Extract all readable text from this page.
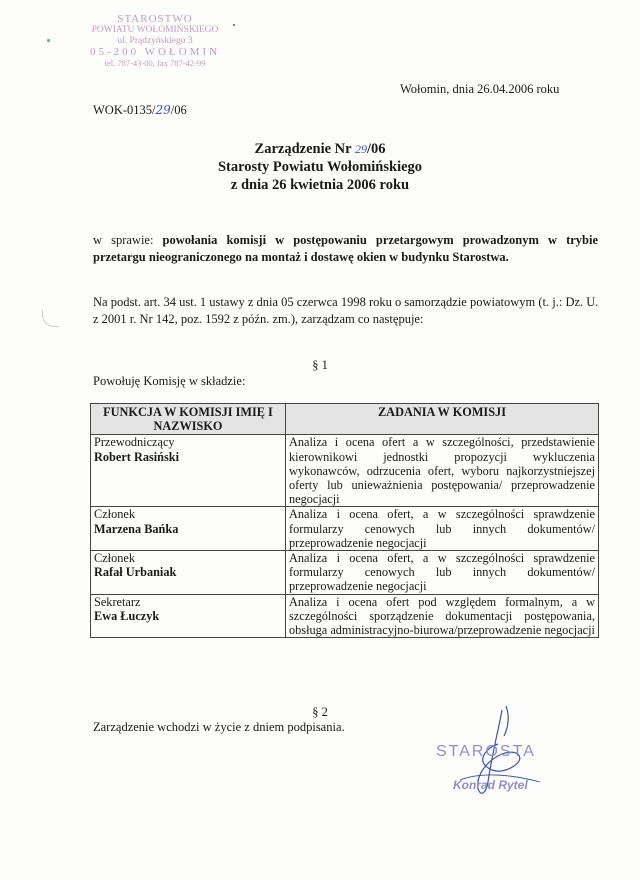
STAROSTWO
POWIATU WOŁOMIŃSKIEGO
ul. Prądzyńskiego 3
05-200 WOŁOMIN
tel. 787-43-00, fax 787-42-99
Wołomin, dnia 26.04.2006 roku
WOK-0135/29/06
Zarządzenie Nr 29/06
Starosty Powiatu Wołomińskiego
z dnia 26 kwietnia 2006 roku
w sprawie: powołania komisji w postępowaniu przetargowym prowadzonym w trybie przetargu nieograniczonego na montaż i dostawę okien w budynku Starostwa.
Na podst. art. 34 ust. 1 ustawy z dnia 05 czerwca 1998 roku o samorządzie powiatowym (t. j.: Dz. U. z 2001 r. Nr 142, poz. 1592 z późn. zm.), zarządzam co następuje:
§ 1
Powołuję Komisję w składzie:
FUNKCJA W KOMISJI IMIĘ I NAZWISKO	ZADANIA W KOMISJI

Przewodniczący
Robert Rasiński	Analiza i ocena ofert a w szczególności, przedstawienie kierownikowi jednostki propozycji wykluczenia wykonawców, odrzucenia ofert, wyboru najkorzystniejszej oferty lub unieważnienia postępowania/ przeprowadzenie negocjacji

Członek
Marzena Bańka	Analiza i ocena ofert, a w szczególności sprawdzenie formularzy cenowych lub innych dokumentów/ przeprowadzenie negocjacji

Członek
Rafał Urbaniak	Analiza i ocena ofert, a w szczególności sprawdzenie formularzy cenowych lub innych dokumentów/ przeprowadzenie negocjacji

Sekretarz
Ewa Łuczyk	Analiza i ocena ofert pod względem formalnym, a w szczególności sporządzenie dokumentacji postępowania, obsługa administracyjno-biurowa/przeprowadzenie negocjacji
§ 2
Zarządzenie wchodzi w życie z dniem podpisania.
STAROSTA
Konrad Rytel
